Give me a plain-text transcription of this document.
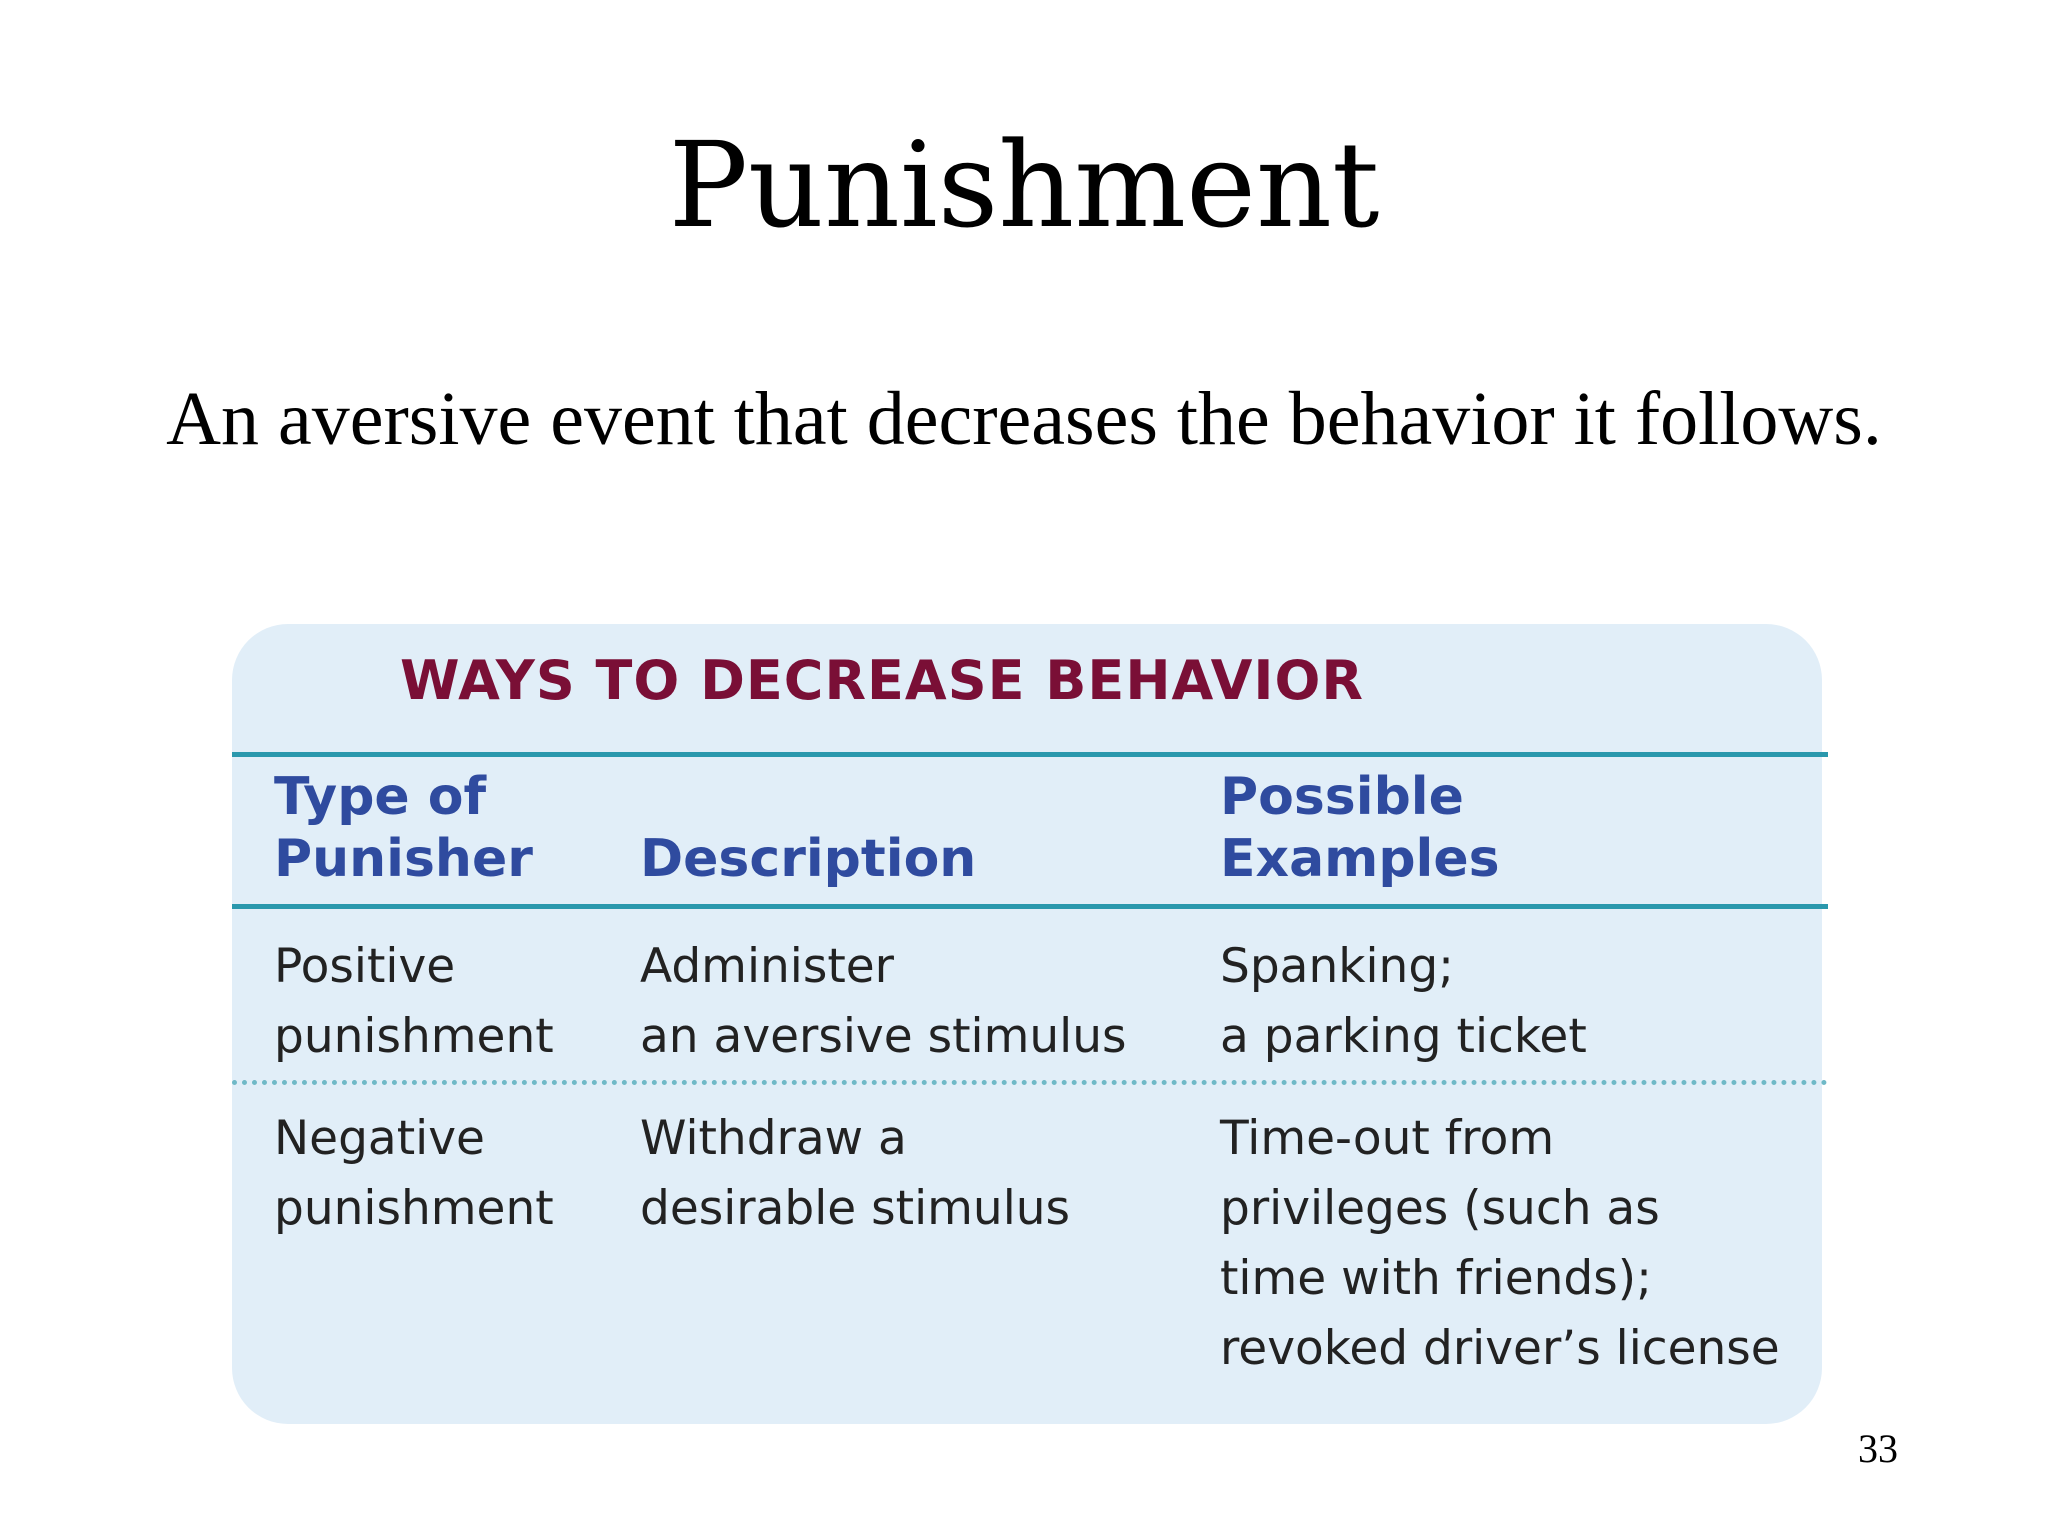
Punishment
An aversive event that decreases the behavior it follows.
WAYS TO DECREASE BEHAVIOR
Type of
Punisher Description
Possible
Examples
Positive
punishment
Administer
an aversive stimulus
Spanking;
a parking ticket
Negative
punishment
Withdraw a
desirable stimulus
Time-out from
privileges (such as
time with friends);
revoked driver’s license
33
